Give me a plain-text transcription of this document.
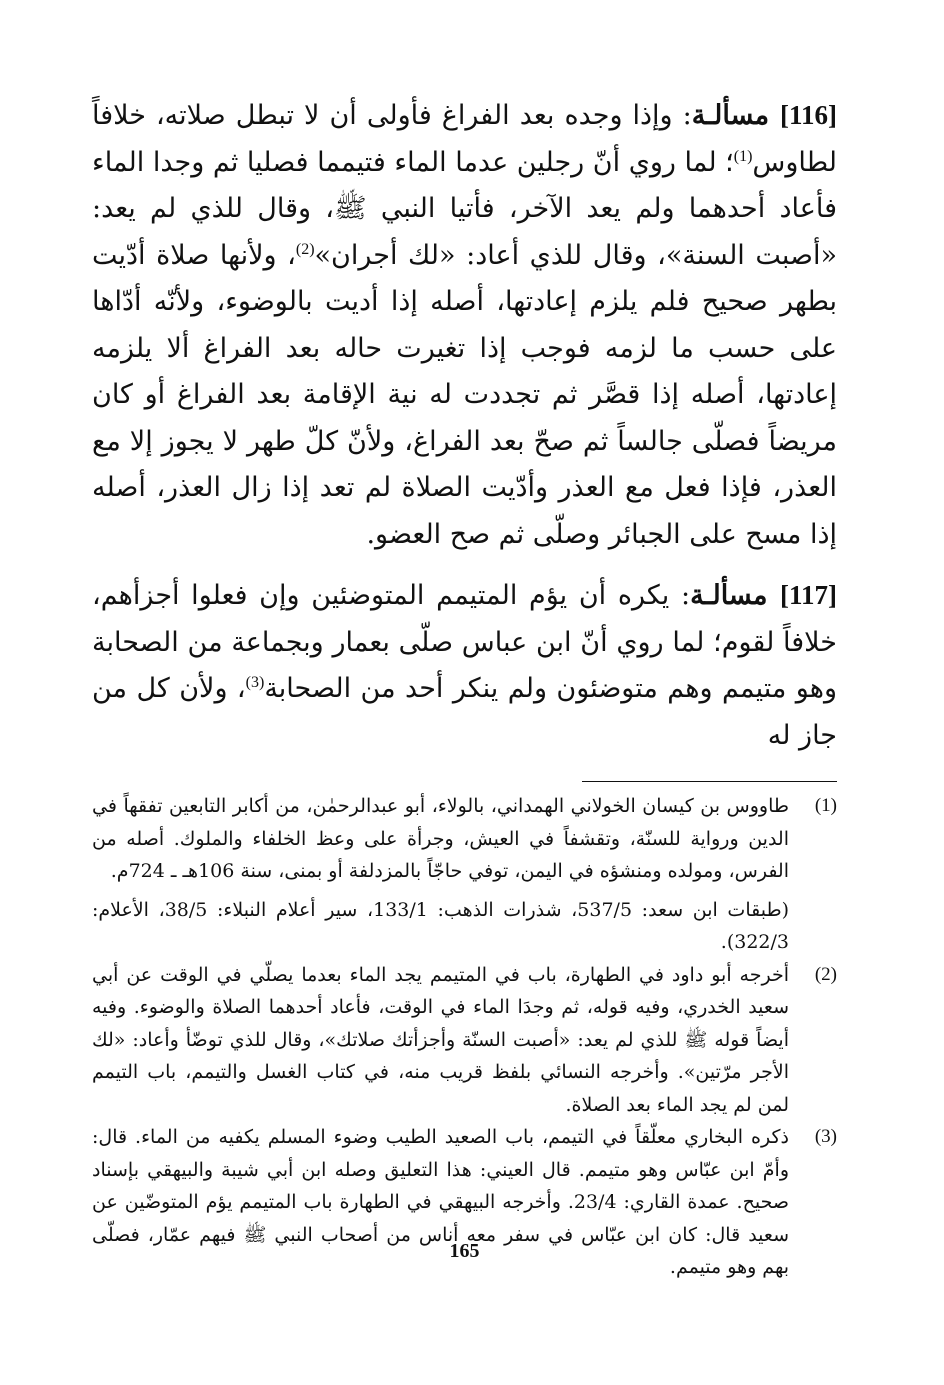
[116] مسألـة: وإذا وجده بعد الفراغ فأولى أن لا تبطل صلاته، خلافاً لطاوس$^{(1)}$؛ لما روي أنّ رجلين عدما الماء فتيمما فصليا ثم وجدا الماء فأعاد أحدهما ولم يعد الآخر، فأتيا النبي ﷺ، وقال للذي لم يعد: «أصبت السنة»، وقال للذي أعاد: «لك أجران»$^{(2)}$، ولأنها صلاة أدّيت بطهر صحيح فلم يلزم إعادتها، أصله إذا أديت بالوضوء، ولأنّه أدّاها على حسب ما لزمه فوجب إذا تغيرت حاله بعد الفراغ ألا يلزمه إعادتها، أصله إذا قصَّر ثم تجددت له نية الإقامة بعد الفراغ أو كان مريضاً فصلّى جالساً ثم صحّ بعد الفراغ، ولأنّ كلّ طهر لا يجوز إلا مع العذر، فإذا فعل مع العذر وأدّيت الصلاة لم تعد إذا زال العذر، أصله إذا مسح على الجبائر وصلّى ثم صح العضو.

[117] مسألـة: يكره أن يؤم المتيمم المتوضئين وإن فعلوا أجزأهم، خلافاً لقوم؛ لما روي أنّ ابن عباس صلّى بعمار وبجماعة من الصحابة وهو متيمم وهم متوضئون ولم ينكر أحد من الصحابة$^{(3)}$، ولأن كل من جاز له

(1)

طاووس بن كيسان الخولاني الهمداني، بالولاء، أبو عبدالرحمٰن، من أكابر التابعين تفقهاً في الدين ورواية للسنّة، وتقشفاً في العيش، وجرأة على وعظ الخلفاء والملوك. أصله من الفرس، ومولده ومنشؤه في اليمن، توفي حاجّاً بالمزدلفة أو بمنى، سنة 106هـ ـ 724م.

(طبقات ابن سعد: 537/5، شذرات الذهب: 133/1، سير أعلام النبلاء: 38/5، الأعلام: 322/3).

(2)

أخرجه أبو داود في الطهارة، باب في المتيمم يجد الماء بعدما يصلّي في الوقت عن أبي سعيد الخدري، وفيه قوله، ثم وجدَا الماء في الوقت، فأعاد أحدهما الصلاة والوضوء. وفيه أيضاً قوله ﷺ للذي لم يعد: «أصبت السنّة وأجزأتك صلاتك»، وقال للذي توضّأ وأعاد: «لك الأجر مرّتين». وأخرجه النسائي بلفظ قريب منه، في كتاب الغسل والتيمم، باب التيمم لمن لم يجد الماء بعد الصلاة.

(3)

ذكره البخاري معلّقاً في التيمم، باب الصعيد الطيب وضوء المسلم يكفيه من الماء. قال: وأمّ ابن عبّاس وهو متيمم. قال العيني: هذا التعليق وصله ابن أبي شيبة والبيهقي بإسناد صحيح. عمدة القاري: 23/4. وأخرجه البيهقي في الطهارة باب المتيمم يؤم المتوضّين عن سعيد قال: كان ابن عبّاس في سفر معه أناس من أصحاب النبي ﷺ فيهم عمّار، فصلّى بهم وهو متيمم.

165
